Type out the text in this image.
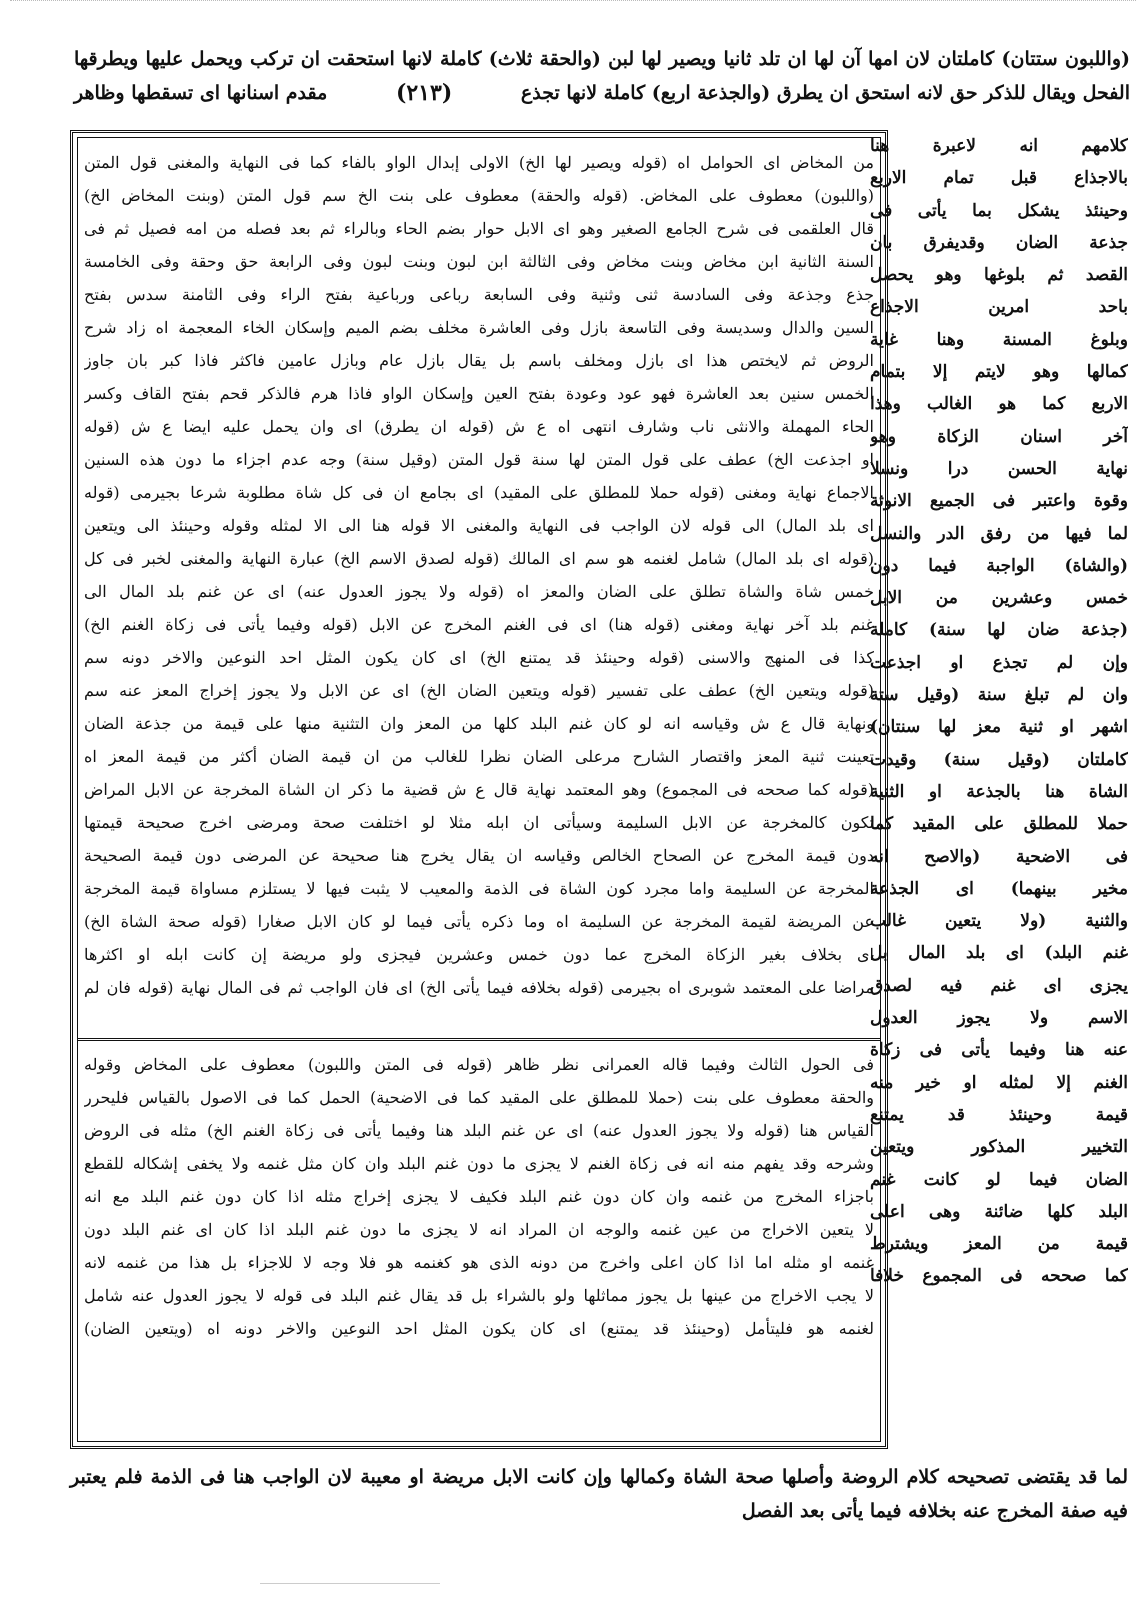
(واللبون ستتان) كاملتان لان امها آن لها ان تلد ثانيا ويصير لها لبن (والحقة ثلاث) كاملة لانها استحقت ان تركب ويحمل عليها ويطرقها
الفحل ويقال للذكر حق لانه استحق ان يطرق (والجذعة اربع) كاملة لانها تجذع
(٢١٣)
مقدم اسنانها اى تسقطها وظاهر

كلامهم انه لاعبرة هنا

بالاجذاع قبل تمام الاربع

وحينئذ يشكل بما يأتى فى

جذعة الضان وقديفرق بان

القصد ثم بلوغها وهو يحصل

باحد امرين الاجذاع

وبلوغ المسنة وهنا غاية

كمالها وهو لايتم إلا بتمام

الاربع كما هو الغالب وهذا

آخر اسنان الزكاة وهو

نهاية الحسن درا ونسلا

وقوة واعتبر فى الجميع الانوثة

لما فيها من رفق الدر والنسل

(والشاة) الواجبة فيما دون

خمس وعشرين من الابل

(جذعة ضان لها سنة) كاملة

وإن لم تجذع او اجذعت

وان لم تبلغ سنة (وقيل ستة

اشهر او ثنية معز لها سنتان)

كاملتان (وقيل سنة) وقيدت

الشاة هنا بالجذعة او الثنية

حملا للمطلق على المقيد كما

فى الاضحية (والاصح انه

مخير بينهما) اى الجذعة

والثنية (ولا يتعين غالب

غنم البلد) اى بلد المال بل

يجزى اى غنم فيه لصدق

الاسم ولا يجوز العدول

عنه هنا وفيما يأتى فى زكاة

الغنم إلا لمثله او خير منه

قيمة وحينئذ قد يمتنع

التخيير المذكور ويتعين

الضان فيما لو كانت غنم

البلد كلها ضائنة وهى اعلى

قيمة من المعز ويشترط

كما صححه فى المجموع خلافا

من المخاض اى الحوامل اه (قوله ويصير لها الخ) الاولى إبدال الواو بالفاء كما فى النهاية والمغنى قول المتن

(واللبون) معطوف على المخاض. (قوله والحقة) معطوف على بنت الخ سم قول المتن (وبنت المخاض الخ)

قال العلقمى فى شرح الجامع الصغير وهو اى الابل حوار بضم الحاء وبالراء ثم بعد فصله من امه فصيل ثم فى

السنة الثانية ابن مخاض وبنت مخاض وفى الثالثة ابن لبون وبنت لبون وفى الرابعة حق وحقة وفى الخامسة

جذع وجذعة وفى السادسة ثنى وثنية وفى السابعة رباعى ورباعية بفتح الراء وفى الثامنة سدس بفتح

السين والدال وسديسة وفى التاسعة بازل وفى العاشرة مخلف بضم الميم وإسكان الخاء المعجمة اه زاد شرح

الروض ثم لايختص هذا اى بازل ومخلف باسم بل يقال بازل عام وبازل عامين فاكثر فاذا كبر بان جاوز

الخمس سنين بعد العاشرة فهو عود وعودة بفتح العين وإسكان الواو فاذا هرم فالذكر قحم بفتح القاف وكسر

الحاء المهملة والانثى ناب وشارف انتهى اه ع ش (قوله ان يطرق) اى وان يحمل عليه ايضا ع ش (قوله

او اجذعت الخ) عطف على قول المتن لها سنة قول المتن (وقيل سنة) وجه عدم اجزاء ما دون هذه السنين

الاجماع نهاية ومغنى (قوله حملا للمطلق على المقيد) اى بجامع ان فى كل شاة مطلوبة شرعا بجيرمى (قوله

اى بلد المال) الى قوله لان الواجب فى النهاية والمغنى الا قوله هنا الى الا لمثله وقوله وحينئذ الى ويتعين

(قوله اى بلد المال) شامل لغنمه هو سم اى المالك (قوله لصدق الاسم الخ) عبارة النهاية والمغنى لخبر فى كل

خمس شاة والشاة تطلق على الضان والمعز اه (قوله ولا يجوز العدول عنه) اى عن غنم بلد المال الى

غنم بلد آخر نهاية ومغنى (قوله هنا) اى فى الغنم المخرج عن الابل (قوله وفيما يأتى فى زكاة الغنم الخ)

كذا فى المنهج والاسنى (قوله وحينئذ قد يمتنع الخ) اى كان يكون المثل احد النوعين والاخر دونه سم

(قوله ويتعين الخ) عطف على تفسير (قوله ويتعين الضان الخ) اى عن الابل ولا يجوز إخراج المعز عنه سم

ونهاية قال ع ش وقياسه انه لو كان غنم البلد كلها من المعز وان التثنية منها على قيمة من جذعة الضان

تعينت ثنية المعز واقتصار الشارح مرعلى الضان نظرا للغالب من ان قيمة الضان أكثر من قيمة المعز اه

(قوله كما صححه فى المجموع) وهو المعتمد نهاية قال ع ش قضية ما ذكر ان الشاة المخرجة عن الابل المراض

تكون كالمخرجة عن الابل السليمة وسيأتى ان ابله مثلا لو اختلفت صحة ومرضى اخرج صحيحة قيمتها

دون قيمة المخرج عن الصحاح الخالص وقياسه ان يقال يخرج هنا صحيحة عن المرضى دون قيمة الصحيحة

المخرجة عن السليمة واما مجرد كون الشاة فى الذمة والمعيب لا يثبت فيها لا يستلزم مساواة قيمة المخرجة

عن المريضة لقيمة المخرجة عن السليمة اه وما ذكره يأتى فيما لو كان الابل صغارا (قوله صحة الشاة الخ)

اى بخلاف بغير الزكاة المخرج عما دون خمس وعشرين فيجزى ولو مريضة إن كانت ابله او اكثرها

مراضا على المعتمد شوبرى اه بجيرمى (قوله بخلافه فيما يأتى الخ) اى فان الواجب ثم فى المال نهاية (قوله فان لم

فى الحول الثالث وفيما قاله العمرانى نظر ظاهر (قوله فى المتن واللبون) معطوف على المخاض وقوله

والحقة معطوف على بنت (حملا للمطلق على المقيد كما فى الاضحية) الحمل كما فى الاصول بالقياس فليحرر

القياس هنا (قوله ولا يجوز العدول عنه) اى عن غنم البلد هنا وفيما يأتى فى زكاة الغنم الخ) مثله فى الروض

وشرحه وقد يفهم منه انه فى زكاة الغنم لا يجزى ما دون غنم البلد وان كان مثل غنمه ولا يخفى إشكاله للقطع

باجزاء المخرج من غنمه وان كان دون غنم البلد فكيف لا يجزى إخراج مثله اذا كان دون غنم البلد مع انه

لا يتعين الاخراج من عين غنمه والوجه ان المراد انه لا يجزى ما دون غنم البلد اذا كان اى غنم البلد دون

غنمه او مثله اما اذا كان اعلى واخرج من دونه الذى هو كغنمه هو فلا وجه لا للاجزاء بل هذا من غنمه لانه

لا يجب الاخراج من عينها بل يجوز مماثلها ولو بالشراء بل قد يقال غنم البلد فى قوله لا يجوز العدول عنه شامل

لغنمه هو فليتأمل (وحينئذ قد يمتنع) اى كان يكون المثل احد النوعين والاخر دونه اه (ويتعين الضان)

لما قد يقتضى تصحيحه كلام الروضة وأصلها صحة الشاة وكمالها وإن كانت الابل مريضة او معيبة لان الواجب هنا فى الذمة فلم يعتبر

فيه صفة المخرج عنه بخلافه فيما يأتى بعد الفصل
